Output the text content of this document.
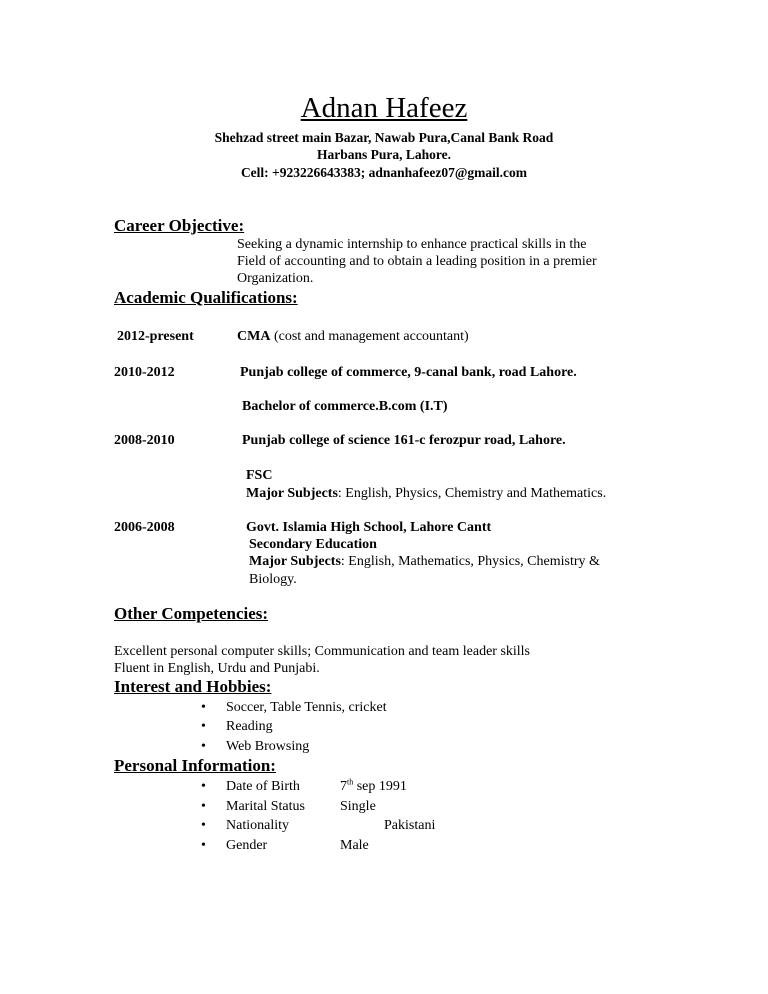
Adnan Hafeez
Shehzad street main Bazar, Nawab Pura,Canal Bank Road
Harbans Pura, Lahore.
Cell: +923226643383; adnanhafeez07@gmail.com
Career Objective:
Seeking a dynamic internship to enhance practical skills in the
Field of accounting and to obtain a leading position in a premier
Organization.
Academic Qualifications:
2012-present	CMA (cost and management accountant)
2010-2012	Punjab college of commerce, 9-canal bank, road Lahore.
Bachelor of commerce.B.com (I.T)
2008-2010	Punjab college of science 161-c ferozpur road, Lahore.
FSC
Major Subjects: English, Physics, Chemistry and Mathematics.
2006-2008	Govt. Islamia High School, Lahore Cantt
Secondary Education
Major Subjects: English, Mathematics, Physics, Chemistry &
Biology.
Other Competencies:
Excellent personal computer skills; Communication and team leader skills
Fluent in English, Urdu and Punjabi.
Interest and Hobbies:
• Soccer, Table Tennis, cricket
• Reading
• Web Browsing
Personal Information:
• Date of Birth	7th sep 1991
• Marital Status	Single
• Nationality	Pakistani
• Gender	Male
